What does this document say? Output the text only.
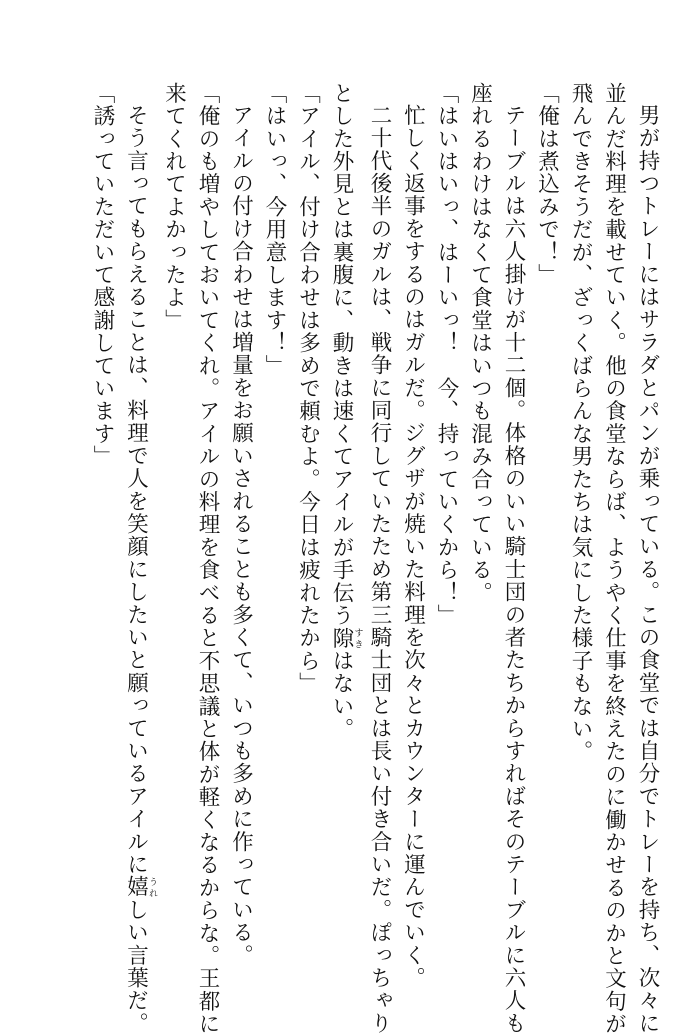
男が持つトレーにはサラダとパンが乗っている。この食堂では自分でトレーを持ち、次々に
並んだ料理を載せていく。他の食堂ならば、ようやく仕事を終えたのに働かせるのかと文句が
飛んできそうだが、ざっくばらんな男たちは気にした様子もない。
「俺は煮込みで！」
テーブルは六人掛けが十二個。体格のいい騎士団の者たちからすればそのテーブルに六人も
座れるわけはなくて食堂はいつも混み合っている。
「はいはいっ、はーいっ！　今、持っていくから！」
忙しく返事をするのはガルだ。ジグザが焼いた料理を次々とカウンターに運んでいく。
二十代後半のガルは、戦争に同行していたため第三騎士団とは長い付き合いだ。ぽっちゃり
とした外見とは裏腹に、動きは速くてアイルが手伝う隙すきはない。
「アイル、付け合わせは多めで頼むよ。今日は疲れたから」
「はいっ、今用意します！」
アイルの付け合わせは増量をお願いされることも多くて、いつも多めに作っている。
「俺のも増やしておいてくれ。アイルの料理を食べると不思議と体が軽くなるからな。王都に
来てくれてよかったよ」
そう言ってもらえることは、料理で人を笑顔にしたいと願っているアイルに嬉うれしい言葉だ。
「誘っていただいて感謝しています」
